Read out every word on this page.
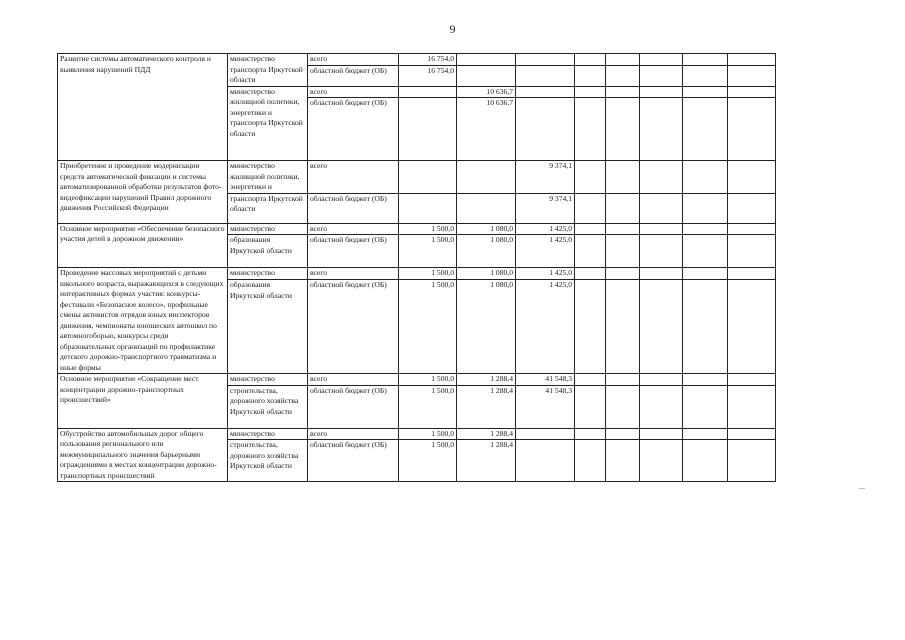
9
Развитие системы автоматического контроля и выявления нарушений ПДД	министерство транспорта Иркутской области	всего	16 754,0							
		областной бюджет (ОБ)	16 754,0							
	министерство жилищной политики, энергетики и транспорта Иркутской области	всего		10 636,7						
		областной бюджет (ОБ)		10 636,7						
Приобретение и проведение модернизации средств автоматической фиксации и системы автоматизированной обработки результатов фото-видеофиксации нарушений Правил дорожного движения Российской Федерации	министерство жилищной политики, энергетики и	всего			9 374,1					
	транспорта Иркутской области	областной бюджет (ОБ)			9 374,1					
Основное мероприятие «Обеспечение безопасного участия детей в дорожном движении»	министерство	всего	1 500,0	1 080,0	1 425,0					
	образования Иркутской области	областной бюджет (ОБ)	1 500,0	1 080,0	1 425,0					
Проведение массовых мероприятий с детьми школьного возраста, выражающихся в следующих интерактивных формах участия: конкурсы-фестивали «Безопасное колесо», профильные смены активистов отрядов юных инспекторов движения, чемпионаты юношеских автошкол по автомногоборью, конкурсы среди образовательных организаций по профилактике детского дорожно-транспортного травматизма и иные формы	министерство	всего	1 500,0	1 080,0	1 425,0					
	образования Иркутской области	областной бюджет (ОБ)	1 500,0	1 080,0	1 425,0					
Основное мероприятие «Сокращение мест концентрации дорожно-транспортных происшествий»	министерство	всего	1 500,0	1 288,4	41 548,3					
	строительства, дорожного хозяйства Иркутской области	областной бюджет (ОБ)	1 500,0	1 288,4	41 548,3					
Обустройство автомобильных дорог общего пользования регионального или межмуниципального значения барьерными ограждениями в местах концентрации дорожно-транспортных происшествий	министерство	всего	1 500,0	1 288,4						
	строительства, дорожного хозяйства Иркутской области	областной бюджет (ОБ)	1 500,0	1 288,4						
